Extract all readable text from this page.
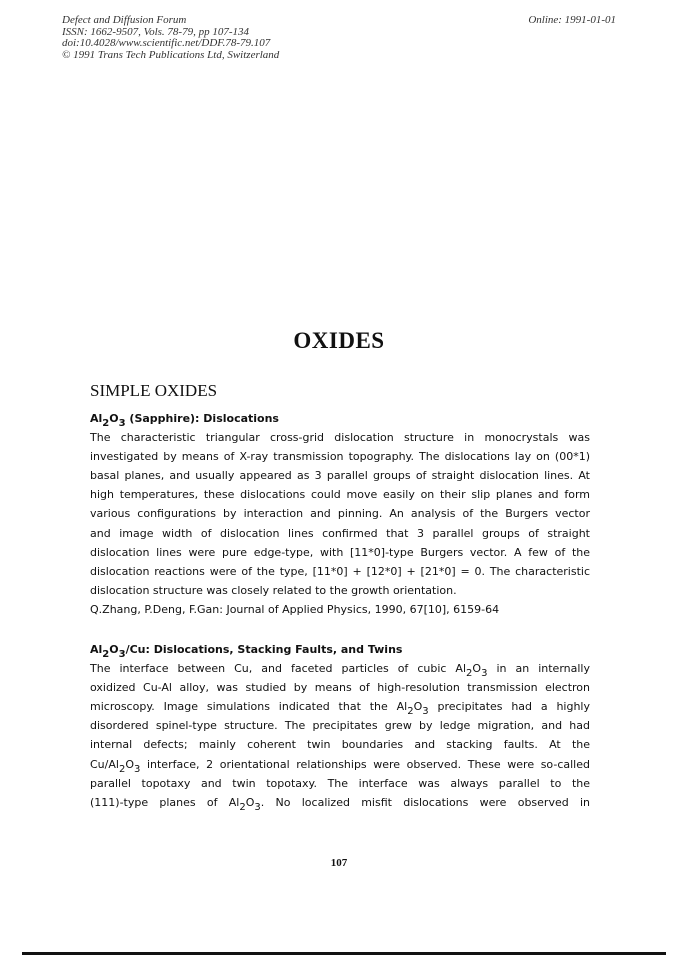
Defect and Diffusion Forum
ISSN: 1662-9507, Vols. 78-79, pp 107-134
doi:10.4028/www.scientific.net/DDF.78-79.107
© 1991 Trans Tech Publications Ltd, Switzerland
Online: 1991-01-01
OXIDES
SIMPLE OXIDES
$Al_2O_3$ (Sapphire): Dislocations
The characteristic triangular cross-grid dislocation structure in monocrystals was
investigated by means of X-ray transmission topography. The dislocations lay on (00*1)
basal planes, and usually appeared as 3 parallel groups of straight dislocation lines. At
high temperatures, these dislocations could move easily on their slip planes and form
various configurations by interaction and pinning. An analysis of the Burgers vector
and image width of dislocation lines confirmed that 3 parallel groups of straight
dislocation lines were pure edge-type, with [11*0]-type Burgers vector. A few of the
dislocation reactions were of the type, [11*0] + [12*0] + [21*0] = 0. The characteristic
dislocation structure was closely related to the growth orientation.
Q.Zhang, P.Deng, F.Gan: Journal of Applied Physics, 1990, 67[10], 6159-64
$Al_2O_3/Cu$: Dislocations, Stacking Faults, and Twins
The interface between Cu, and faceted particles of cubic $Al_2O_3$ in an internally
oxidized Cu-Al alloy, was studied by means of high-resolution transmission electron
microscopy. Image simulations indicated that the $Al_2O_3$ precipitates had a highly
disordered spinel-type structure. The precipitates grew by ledge migration, and had
internal defects; mainly coherent twin boundaries and stacking faults. At the
$Cu/Al_2O_3$ interface, 2 orientational relationships were observed. These were so-called
parallel topotaxy and twin topotaxy. The interface was always parallel to the
(111)-type planes of $Al_2O_3$. No localized misfit dislocations were observed in
107
